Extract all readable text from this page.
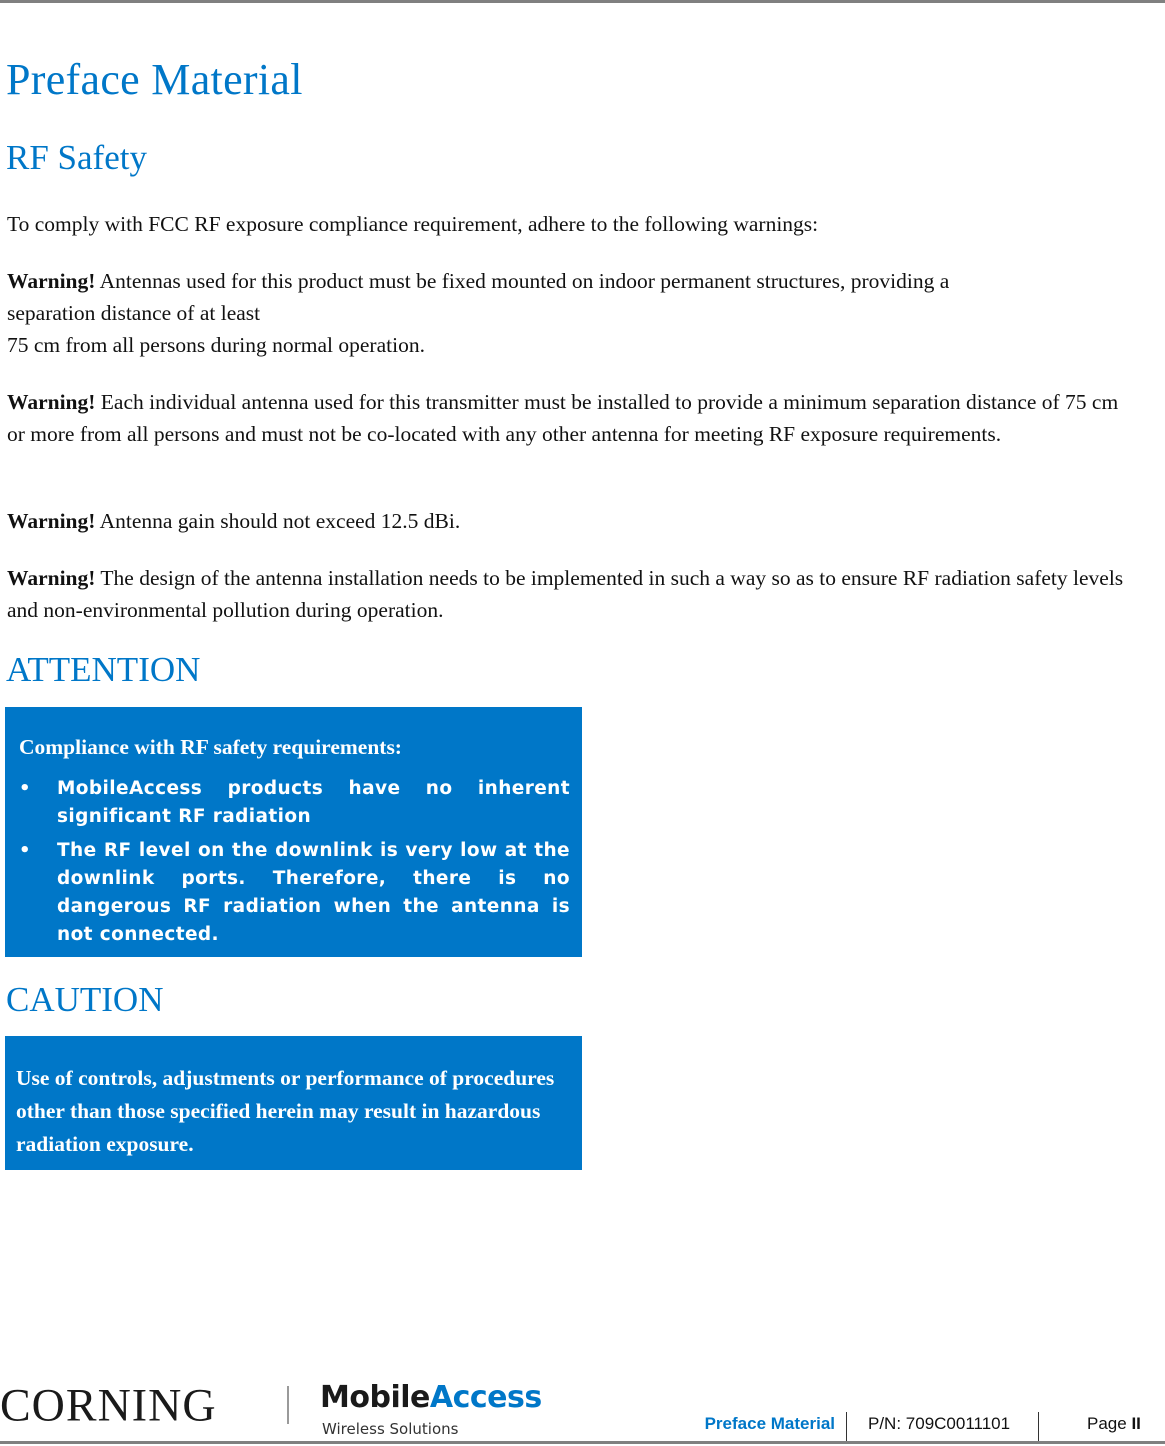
Preface Material
RF Safety

To comply with FCC RF exposure compliance requirement, adhere to the following warnings:

Warning! Antennas used for this product must be fixed mounted on indoor permanent structures, providing a
separation distance of at least
75 cm from all persons during normal operation.

Warning! Each individual antenna used for this transmitter must be installed to provide a minimum separation distance of 75 cm or more from all persons and must not be co-located with any other antenna for meeting RF exposure requirements.

Warning! Antenna gain should not exceed 12.5 dBi.

Warning! The design of the antenna installation needs to be implemented in such a way so as to ensure RF radiation safety levels and non-environmental pollution during operation.

ATTENTION
Compliance with RF safety requirements:
• MobileAccess products have no inherent significant RF radiation
• The RF level on the downlink is very low at the downlink ports. Therefore, there is no dangerous RF radiation when the antenna is not connected.
CAUTION
Use of controls, adjustments or performance of procedures other than those specified herein may result in hazardous radiation exposure.
CORNING	MobileAccess
Wireless Solutions	Preface Material P/N: 709C0011101	Page II
